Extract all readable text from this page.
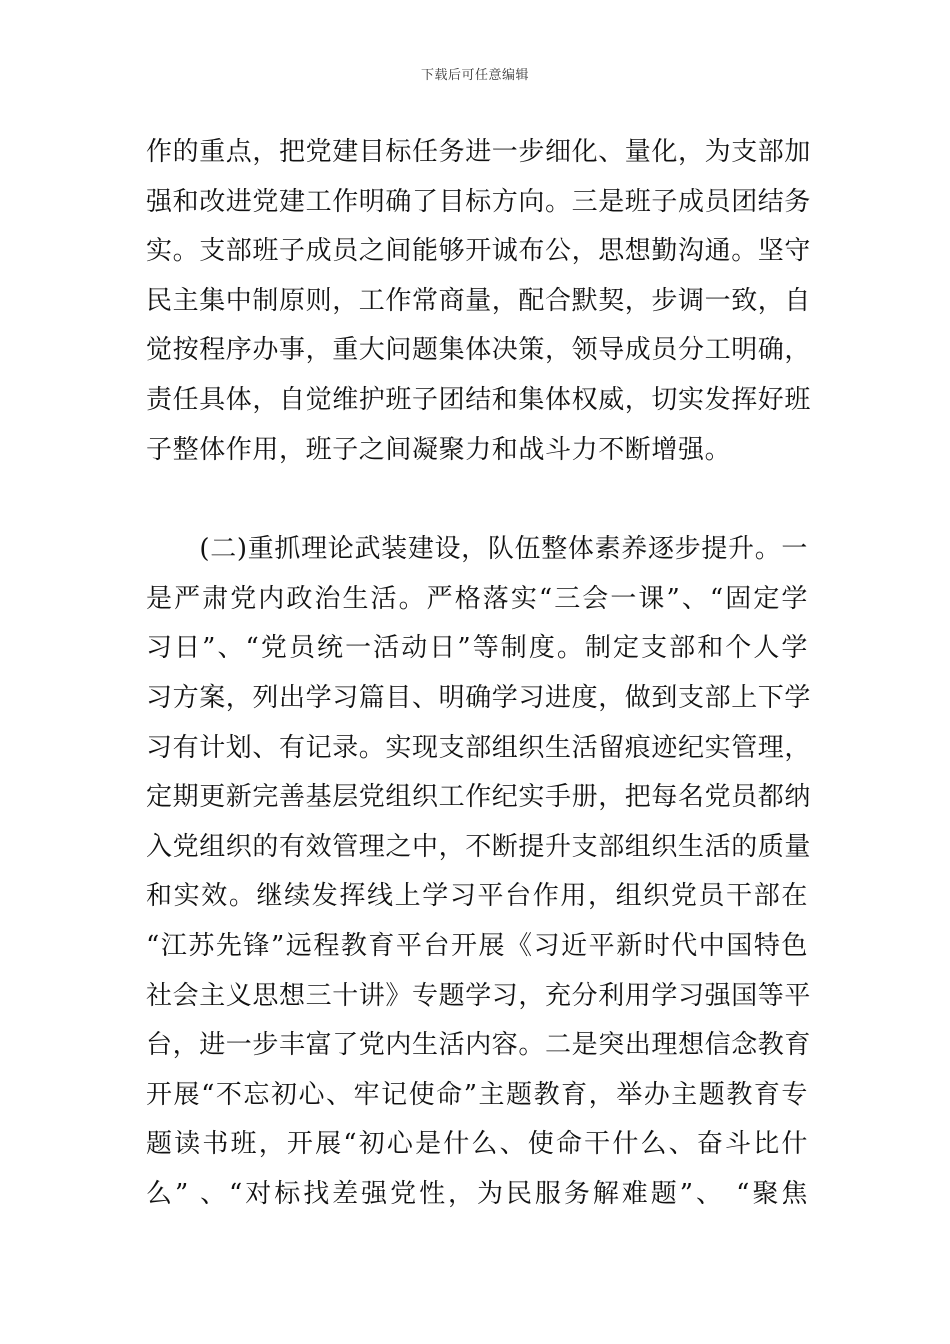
下载后可任意编辑
作的重点，把党建目标任务进一步细化、量化，为支部加
强和改进党建工作明确了目标方向。三是班子成员团结务
实。支部班子成员之间能够开诚布公，思想勤沟通。坚守
民主集中制原则，工作常商量，配合默契，步调一致，自
觉按程序办事，重大问题集体决策，领导成员分工明确，
责任具体，自觉维护班子团结和集体权威，切实发挥好班
子整体作用，班子之间凝聚力和战斗力不断增强。
　　(二)重抓理论武装建设，队伍整体素养逐步提升。一
是严肃党内政治生活。严格落实“三会一课”、“固定学
习日”、“党员统一活动日”等制度。制定支部和个人学
习方案，列出学习篇目、明确学习进度，做到支部上下学
习有计划、有记录。实现支部组织生活留痕迹纪实管理，
定期更新完善基层党组织工作纪实手册，把每名党员都纳
入党组织的有效管理之中，不断提升支部组织生活的质量
和实效。继续发挥线上学习平台作用，组织党员干部在
“江苏先锋”远程教育平台开展《习近平新时代中国特色
社会主义思想三十讲》专题学习，充分利用学习强国等平
台，进一步丰富了党内生活内容。二是突出理想信念教育
开展“不忘初心、牢记使命”主题教育，举办主题教育专
题读书班，开展“初心是什么、使命干什么、奋斗比什
么” 、“对标找差强党性，为民服务解难题”、 “聚焦
